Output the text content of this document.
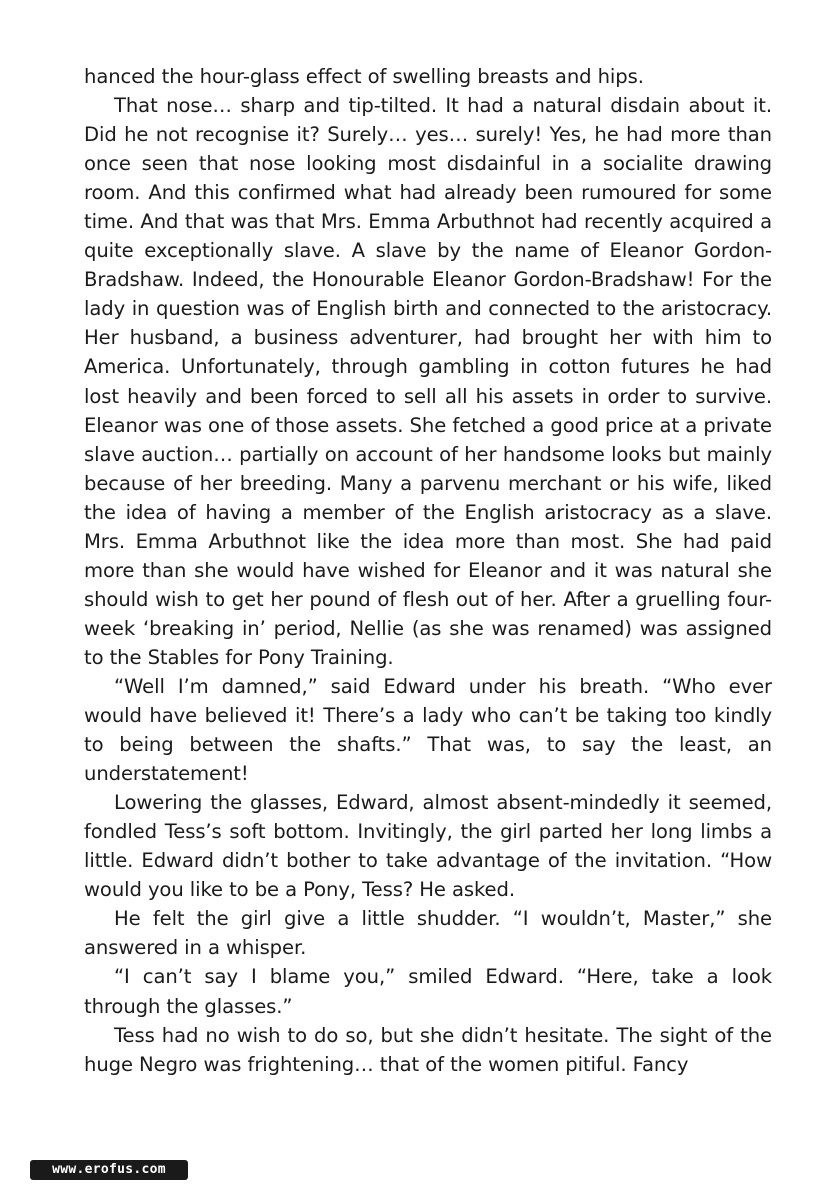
hanced the hour-glass effect of swelling breasts and hips.

That nose… sharp and tip-tilted. It had a natural disdain about it. Did he not recognise it? Surely… yes… surely! Yes, he had more than once seen that nose looking most disdainful in a socialite drawing room. And this confirmed what had already been rumoured for some time. And that was that Mrs. Emma Arbuthnot had recently acquired a quite exceptionally slave. A slave by the name of Eleanor Gordon-Bradshaw. Indeed, the Honourable Eleanor Gordon-Bradshaw! For the lady in question was of English birth and connected to the aristocracy. Her husband, a business adventurer, had brought her with him to America. Unfortunately, through gambling in cotton futures he had lost heavily and been forced to sell all his assets in order to survive. Eleanor was one of those assets. She fetched a good price at a private slave auction… partially on account of her handsome looks but mainly because of her breeding. Many a parvenu merchant or his wife, liked the idea of having a member of the English aristocracy as a slave. Mrs. Emma Arbuthnot like the idea more than most. She had paid more than she would have wished for Eleanor and it was natural she should wish to get her pound of flesh out of her. After a gruelling four-week ‘breaking in’ period, Nellie (as she was renamed) was assigned to the Stables for Pony Training.

“Well I’m damned,” said Edward under his breath. “Who ever would have believed it! There’s a lady who can’t be taking too kindly to being between the shafts.” That was, to say the least, an understatement!

Lowering the glasses, Edward, almost absent-mindedly it seemed, fondled Tess’s soft bottom. Invitingly, the girl parted her long limbs a little. Edward didn’t bother to take advantage of the invitation. “How would you like to be a Pony, Tess? He asked.

He felt the girl give a little shudder. “I wouldn’t, Master,” she answered in a whisper.

“I can’t say I blame you,” smiled Edward. “Here, take a look through the glasses.”

Tess had no wish to do so, but she didn’t hesitate. The sight of the huge Negro was frightening… that of the women pitiful. Fancy

www.erofus.com
